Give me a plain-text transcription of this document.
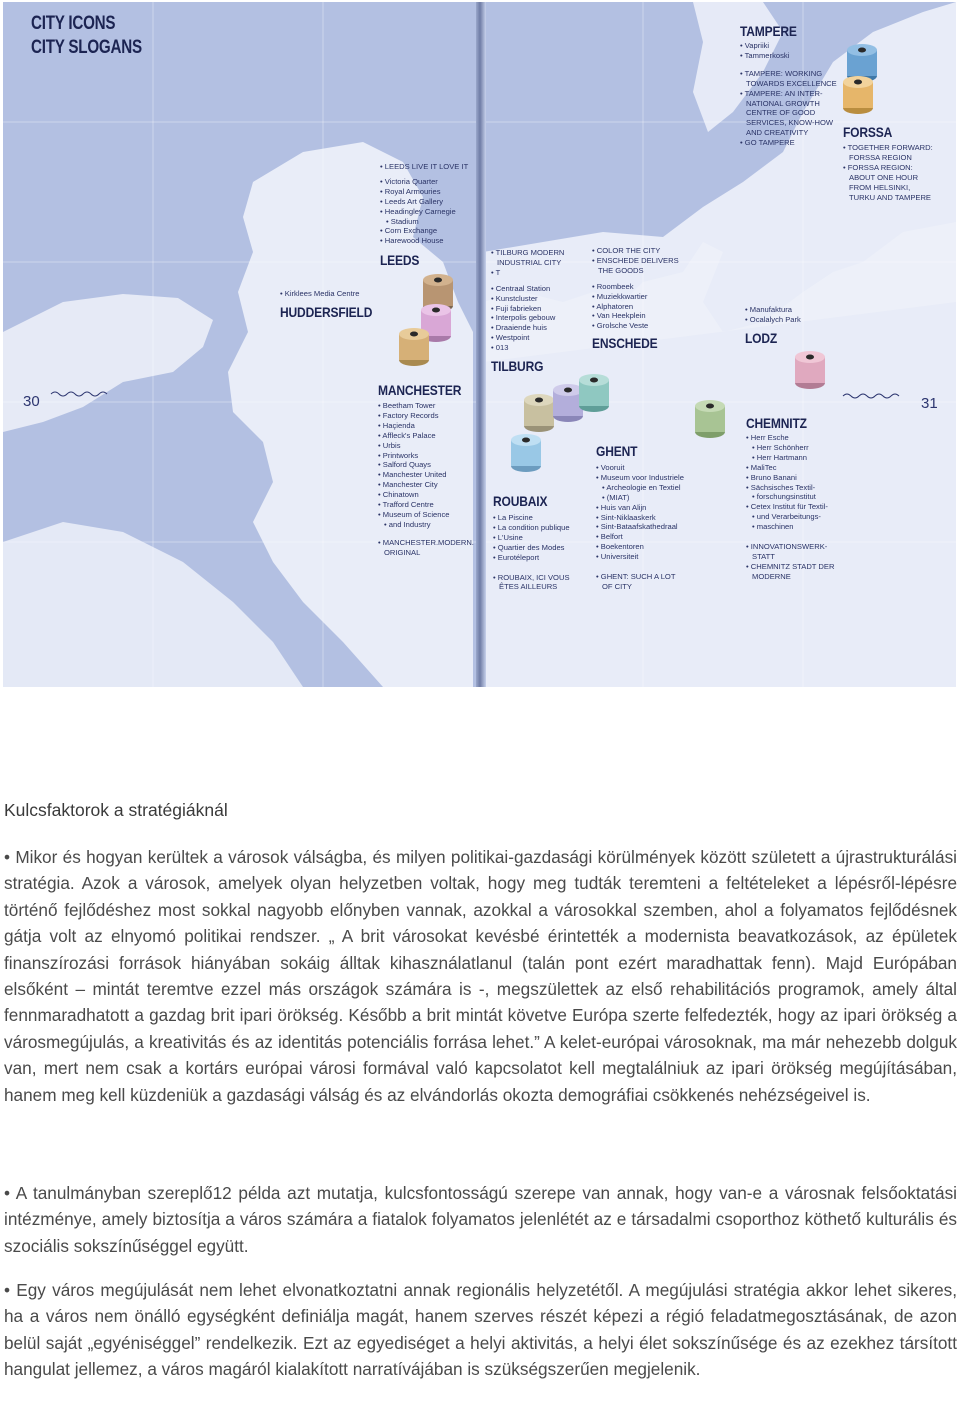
CITY ICONS
CITY SLOGANS
30	31
• LEEDS LIVE IT LOVE IT
• Victoria Quarter
• Royal Armouries
• Leeds Art Gallery
• Headingley Carnegie
• Stadium
• Corn Exchange
• Harewood House
LEEDS
• Kirklees Media Centre
HUDDERSFIELD
MANCHESTER
• Beetham Tower
• Factory Records
• Haçienda
• Affleck's Palace
• Urbis
• Printworks
• Salford Quays
• Manchester United
• Manchester City
• Chinatown
• Trafford Centre
• Museum of Science
• and Industry
• MANCHESTER.MODERN.
ORIGINAL
• TILBURG MODERN
INDUSTRIAL CITY
• T
• Centraal Station
• Kunstcluster
• Fuji fabrieken
• Interpolis gebouw
• Draaiende huis
• Westpoint
• 013
TILBURG
• COLOR THE CITY
• ENSCHEDE DELIVERS
THE GOODS
• Roombeek
• Muziekkwartier
• Alphatoren
• Van Heekplein
• Grolsche Veste
ENSCHEDE
ROUBAIX
• La Piscine
• La condition publique
• L'Usine
• Quartier des Modes
• Eurotéleport
• ROUBAIX, ICI VOUS
ÊTES AILLEURS
GHENT
• Vooruit
• Museum voor Industriele
• Archeologie en Textiel
• (MIAT)
• Huis van Alijn
• Sint-Niklaaskerk
• Sint-Bataafskathedraal
• Belfort
• Boekentoren
• Universiteit
• GHENT: SUCH A LOT
OF CITY
TAMPERE
• Vapriiki
• Tammerkoski
• TAMPERE: WORKING
TOWARDS EXCELLENCE
• TAMPERE: AN INTER-
NATIONAL GROWTH
CENTRE OF GOOD
SERVICES, KNOW-HOW
AND CREATIVITY
• GO TAMPERE
FORSSA
• TOGETHER FORWARD:
FORSSA REGION
• FORSSA REGION:
ABOUT ONE HOUR
FROM HELSINKI,
TURKU AND TAMPERE
• Manufaktura
• Ocalalych Park
LODZ
CHEMNITZ
• Herr Esche
• Herr Schönherr
• Herr Hartmann
• MaliTec
• Bruno Banani
• Sächsisches Textil-
• forschungsinstitut
• Cetex Institut für Textil-
• und Verarbeitungs-
• maschinen
• INNOVATIONSWERK-
STATT
• CHEMNITZ STADT DER
MODERNE
Kulcsfaktorok a stratégiáknál

• Mikor és hogyan kerültek a városok válságba, és milyen politikai-gazdasági körülmények között született a újrastrukturálási stratégia. Azok a városok, amelyek olyan helyzetben voltak, hogy meg tudták teremteni a feltételeket a lépésről-lépésre történő fejlődéshez most sokkal nagyobb előnyben vannak, azokkal a városokkal szemben, ahol a folyamatos fejlődésnek gátja volt az elnyomó politikai rendszer. „ A brit városokat kevésbé érintették a modernista beavatkozások, az épületek finanszírozási források hiányában sokáig álltak kihasználatlanul (talán pont ezért maradhattak fenn). Majd Európában elsőként – mintát teremtve ezzel más országok számára is -, megszülettek az első rehabilitációs programok, amely által fennmaradhatott a gazdag brit ipari örökség. Később a brit mintát követve Európa szerte felfedezték, hogy az ipari örökség a városmegújulás, a kreativitás és az identitás potenciális forrása lehet.” A kelet-európai városoknak, ma már nehezebb dolguk van, mert nem csak a kortárs európai városi formával való kapcsolatot kell megtalálniuk az ipari örökség megújításában, hanem meg kell küzdeniük a gazdasági válság és az elvándorlás okozta demográfiai csökkenés nehézségeivel is.

• A tanulmányban szereplő12 példa azt mutatja, kulcsfontosságú szerepe van annak, hogy van-e a városnak felsőoktatási intézménye, amely biztosítja a város számára a fiatalok folyamatos jelenlétét az e társadalmi csoporthoz köthető kulturális és szociális sokszínűséggel együtt.

• Egy város megújulását nem lehet elvonatkoztatni annak regionális helyzetétől. A megújulási stratégia akkor lehet sikeres, ha a város nem önálló egységként definiálja magát, hanem szerves részét képezi a régió feladatmegosztásának, de azon belül saját „egyéniséggel” rendelkezik. Ezt az egyediséget a helyi aktivitás, a helyi élet sokszínűsége és az ezekhez társított hangulat jellemez, a város magáról kialakított narratívájában is szükségszerűen megjelenik.
